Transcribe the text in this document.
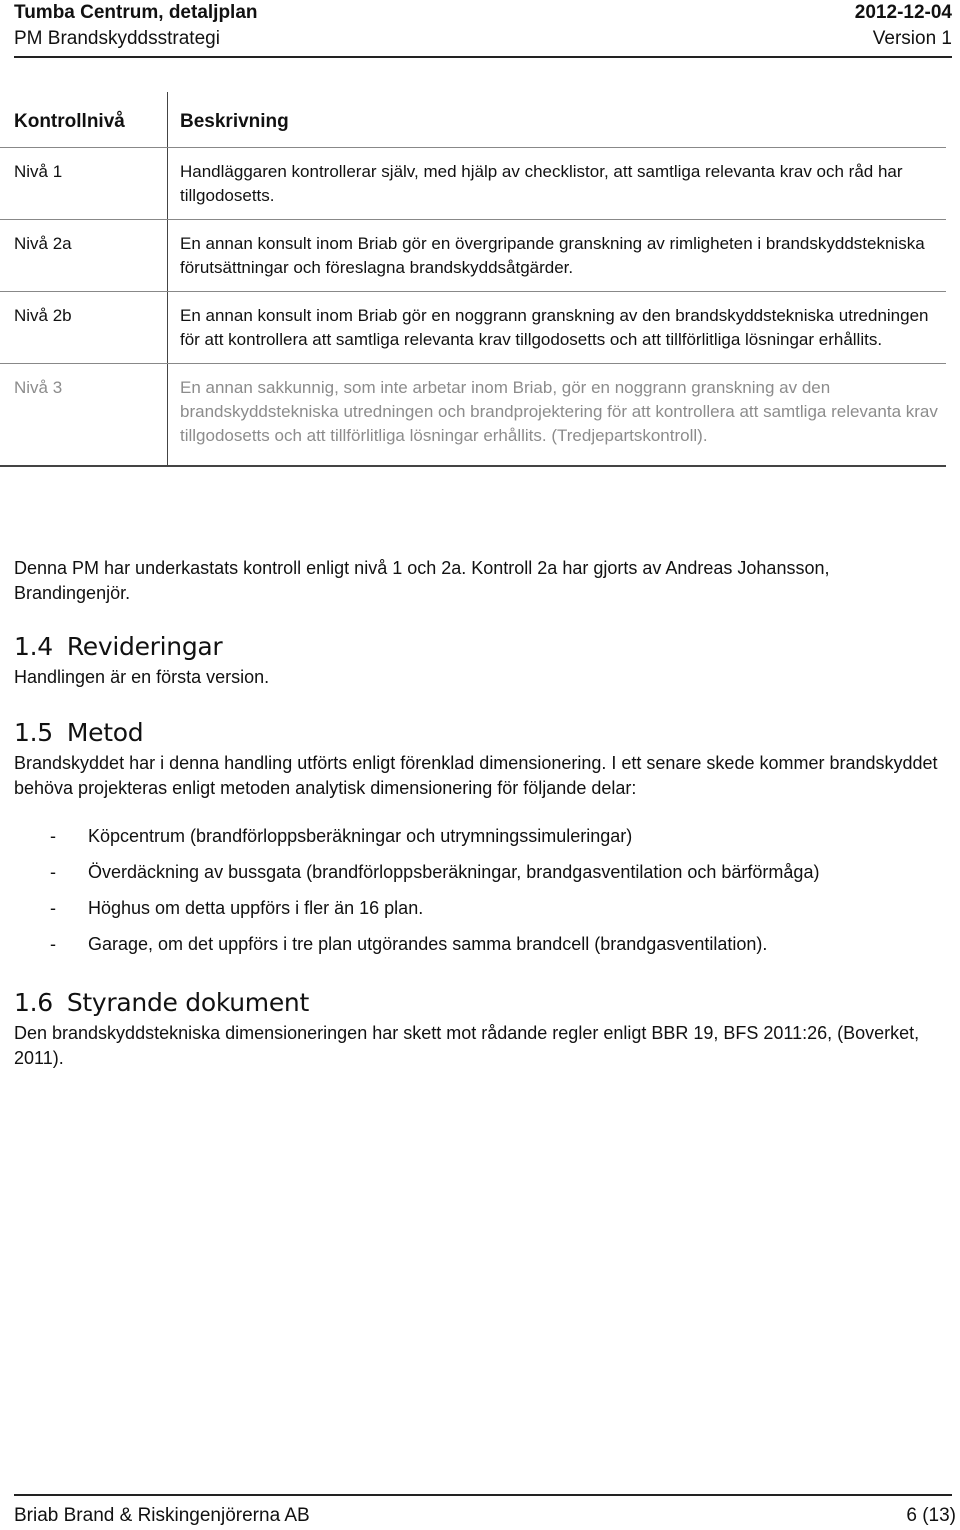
Tumba Centrum, detaljplan	2012-12-04
PM Brandskyddsstrategi	Version 1
Kontrollnivå	Beskrivning
Nivå 1	Handläggaren kontrollerar själv, med hjälp av checklistor, att samtliga relevanta krav och råd har tillgodosetts.
Nivå 2a	En annan konsult inom Briab gör en övergripande granskning av rimligheten i brandskyddstekniska förutsättningar och föreslagna brandskyddsåtgärder.
Nivå 2b	En annan konsult inom Briab gör en noggrann granskning av den brandskyddstekniska utredningen för att kontrollera att samtliga relevanta krav tillgodosetts och att tillförlitliga lösningar erhållits.
Nivå 3	En annan sakkunnig, som inte arbetar inom Briab, gör en noggrann granskning av den brandskyddstekniska utredningen och brandprojektering för att kontrollera att samtliga relevanta krav tillgodosetts och att tillförlitliga lösningar erhållits. (Tredjepartskontroll).

Denna PM har underkastats kontroll enligt nivå 1 och 2a. Kontroll 2a har gjorts av Andreas Johansson, Brandingenjör.

1.4 Revideringar

Handlingen är en första version.

1.5 Metod

Brandskyddet har i denna handling utförts enligt förenklad dimensionering. I ett senare skede kommer brandskyddet behöva projekteras enligt metoden analytisk dimensionering för följande delar:

- Köpcentrum (brandförloppsberäkningar och utrymningssimuleringar)
- Överdäckning av bussgata (brandförloppsberäkningar, brandgasventilation och bärförmåga)
- Höghus om detta uppförs i fler än 16 plan.
- Garage, om det uppförs i tre plan utgörandes samma brandcell (brandgasventilation).
1.6 Styrande dokument

Den brandskyddstekniska dimensioneringen har skett mot rådande regler enligt BBR 19, BFS 2011:26, (Boverket, 2011).

Briab Brand & Riskingenjörerna AB	6 (13)
